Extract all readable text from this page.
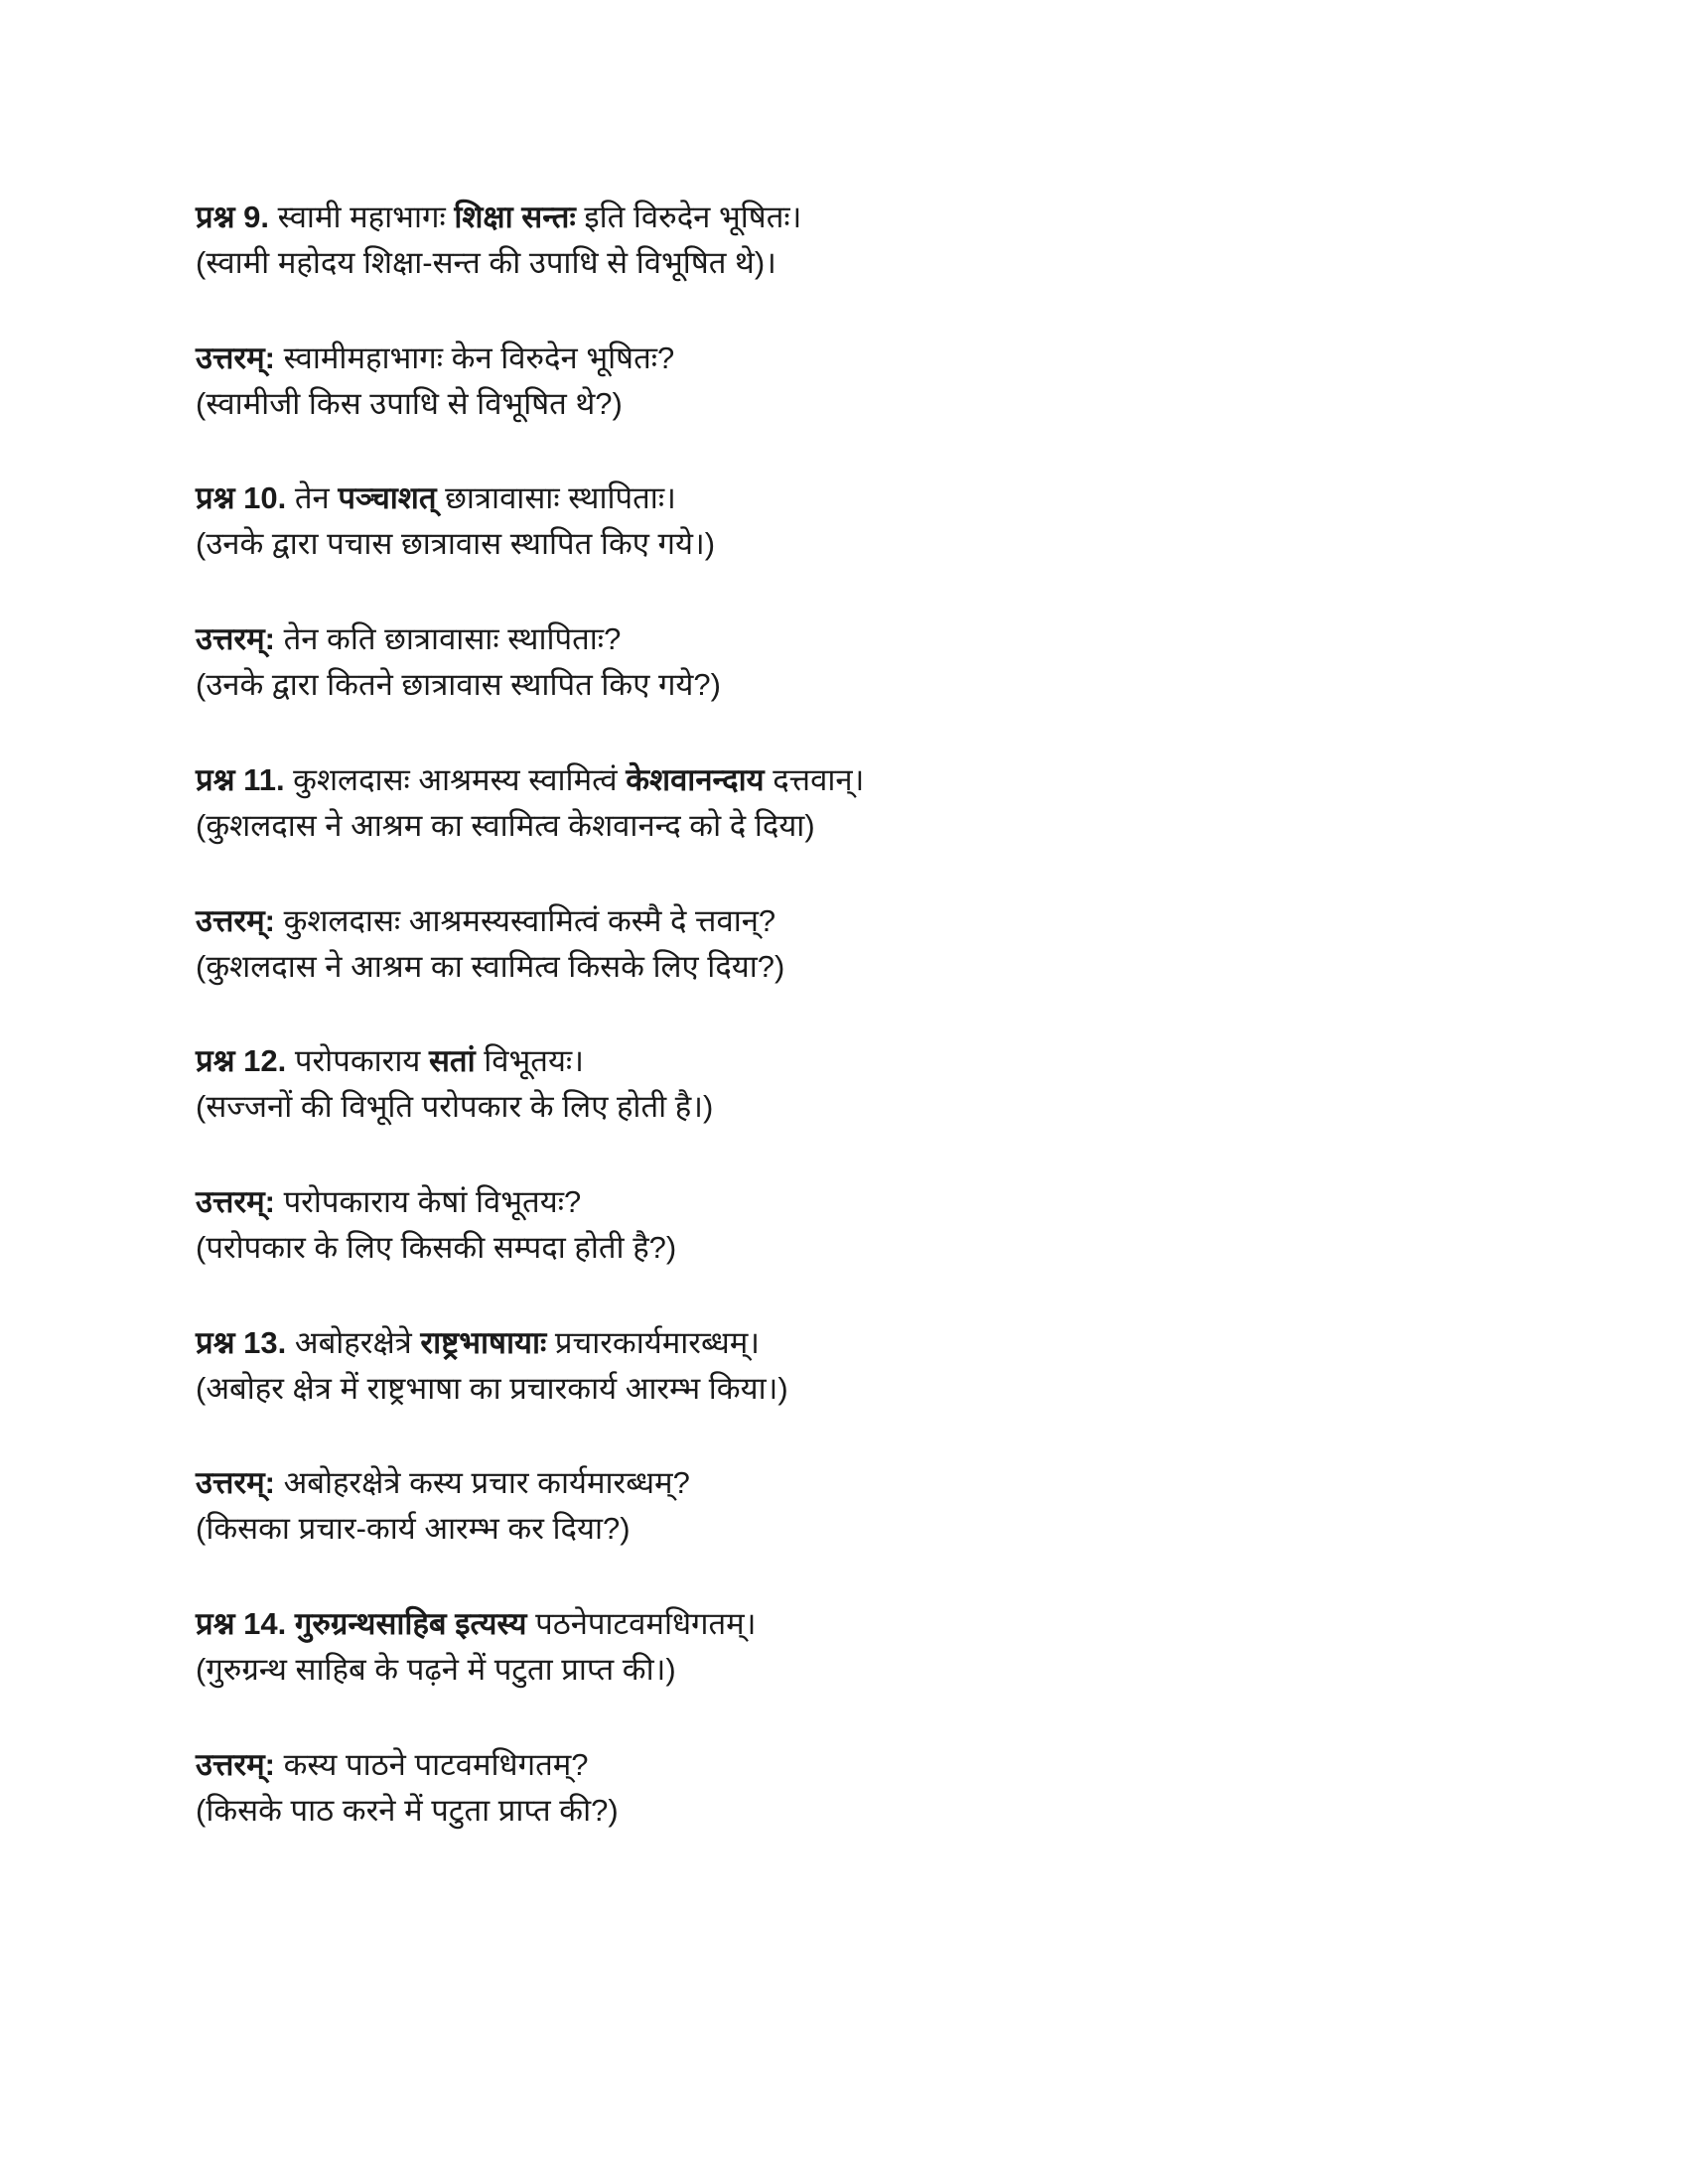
प्रश्न 9. स्वामी महाभागः शिक्षा सन्तः इति विरुदेन भूषितः।
(स्वामी महोदय शिक्षा-सन्त की उपाधि से विभूषित थे)।
उत्तरम्: स्वामीमहाभागः केन विरुदेन भूषितः?
(स्वामीजी किस उपाधि से विभूषित थे?)
प्रश्न 10. तेन पञ्चाशत् छात्रावासाः स्थापिताः।
(उनके द्वारा पचास छात्रावास स्थापित किए गये।)
उत्तरम्: तेन कति छात्रावासाः स्थापिताः?
(उनके द्वारा कितने छात्रावास स्थापित किए गये?)
प्रश्न 11. कुशलदासः आश्रमस्य स्वामित्वं केशवानन्दाय दत्तवान्।
(कुशलदास ने आश्रम का स्वामित्व केशवानन्द को दे दिया)
उत्तरम्: कुशलदासः आश्रमस्यस्वामित्वं कस्मै दे त्तवान्?
(कुशलदास ने आश्रम का स्वामित्व किसके लिए दिया?)
प्रश्न 12. परोपकाराय सतां विभूतयः।
(सज्जनों की विभूति परोपकार के लिए होती है।)
उत्तरम्: परोपकाराय केषां विभूतयः?
(परोपकार के लिए किसकी सम्पदा होती है?)
प्रश्न 13. अबोहरक्षेत्रे राष्ट्रभाषायाः प्रचारकार्यमारब्धम्।
(अबोहर क्षेत्र में राष्ट्रभाषा का प्रचारकार्य आरम्भ किया।)
उत्तरम्: अबोहरक्षेत्रे कस्य प्रचार कार्यमारब्धम्?
(किसका प्रचार-कार्य आरम्भ कर दिया?)
प्रश्न 14. गुरुग्रन्थसाहिब इत्यस्य पठनेपाटवमधिगतम्।
(गुरुग्रन्थ साहिब के पढ़ने में पटुता प्राप्त की।)
उत्तरम्: कस्य पाठने पाटवमधिगतम्?
(किसके पाठ करने में पटुता प्राप्त की?)
